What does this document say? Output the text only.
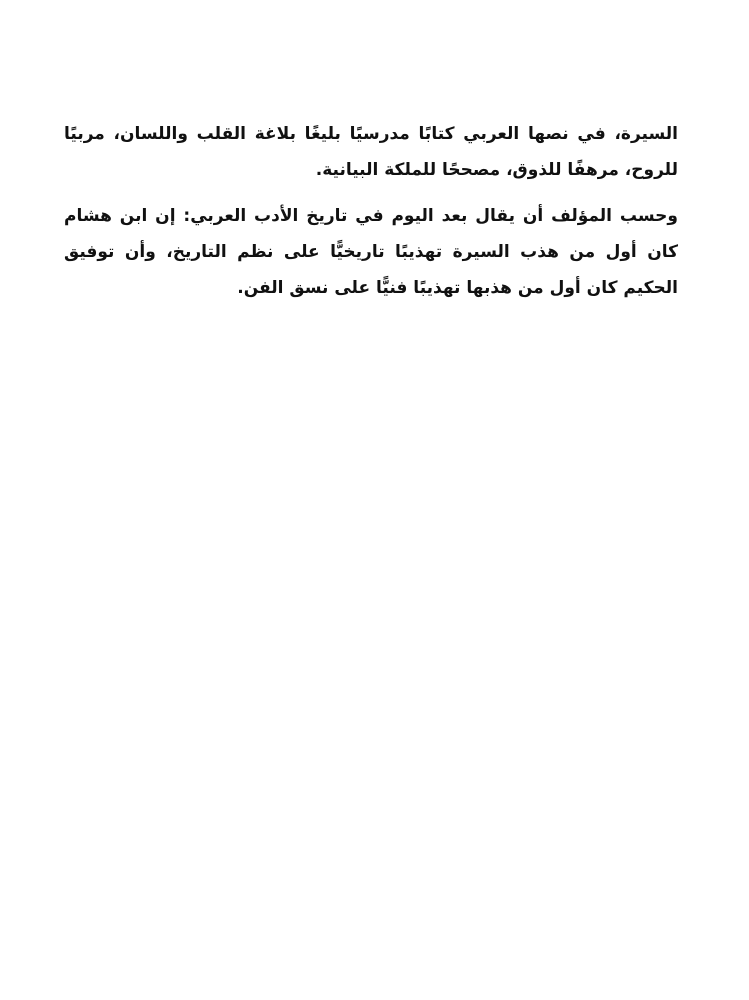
السيرة، في نصها العربي كتابًا مدرسيًا بليغًا بلاغة القلب واللسان، مربيًا للروح، مرهفًا للذوق، مصححًا للملكة البيانية.

وحسب المؤلف أن يقال بعد اليوم في تاريخ الأدب العربي: إن ابن هشام كان أول من هذب السيرة تهذيبًا تاريخيًّا على نظم التاريخ، وأن توفيق الحكيم كان أول من هذبها تهذيبًا فنيًّا على نسق الفن.
